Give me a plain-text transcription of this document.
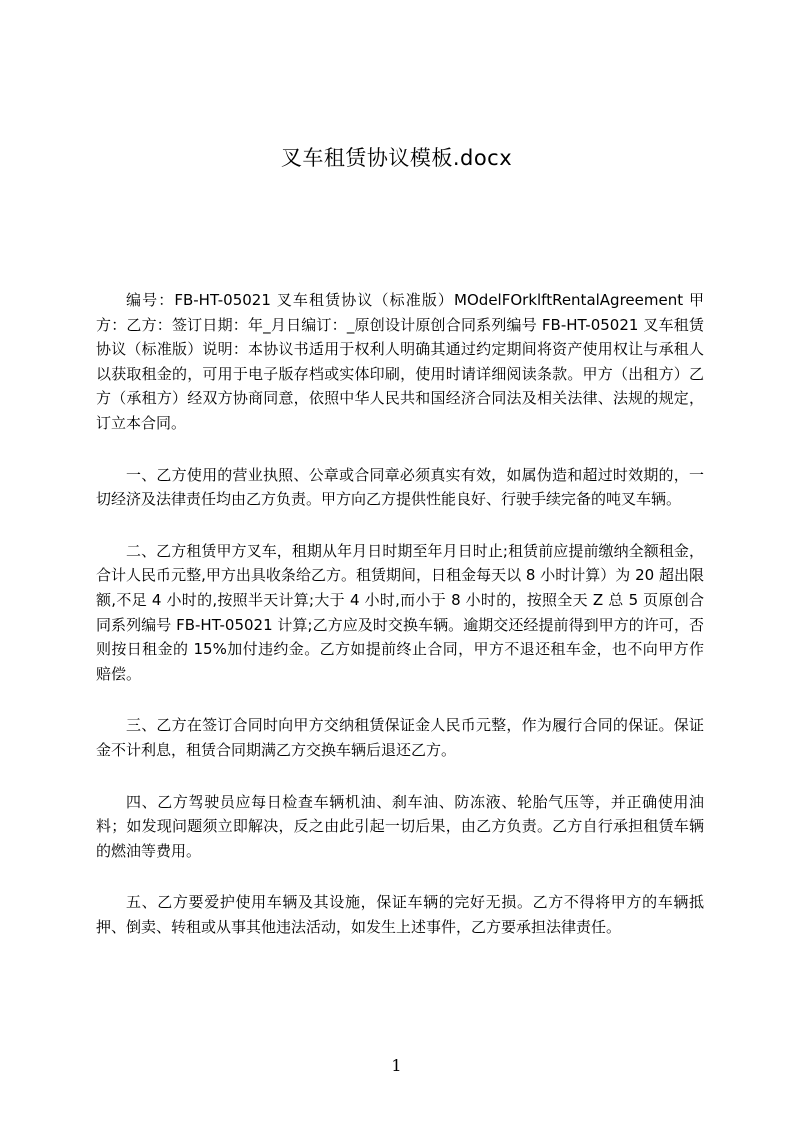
叉车租赁协议模板.docx

编号：FB-HT-05021 叉车租赁协议（标准版）MOdelFOrklftRentalAgreement 甲方：乙方：签订日期：年_月日编订：_原创设计原创合同系列编号 FB-HT-05021 叉车租赁协议（标准版）说明：本协议书适用于权利人明确其通过约定期间将资产使用权让与承租人以获取租金的，可用于电子版存档或实体印刷，使用时请详细阅读条款。甲方（出租方）乙方（承租方）经双方协商同意，依照中华人民共和国经济合同法及相关法律、法规的规定，订立本合同。

一、乙方使用的营业执照、公章或合同章必须真实有效，如属伪造和超过时效期的，一切经济及法律责任均由乙方负责。甲方向乙方提供性能良好、行驶手续完备的吨叉车辆。

二、乙方租赁甲方叉车，租期从年月日时期至年月日时止;租赁前应提前缴纳全额租金，合计人民币元整,甲方出具收条给乙方。租赁期间，日租金每天以 8 小时计算）为 20 超出限额,不足 4 小时的,按照半天计算;大于 4 小时,而小于 8 小时的，按照全天 Z 总 5 页原创合同系列编号 FB-HT-05021 计算;乙方应及时交换车辆。逾期交还经提前得到甲方的许可，否则按日租金的 15%加付违约金。乙方如提前终止合同，甲方不退还租车金，也不向甲方作赔偿。

三、乙方在签订合同时向甲方交纳租赁保证金人民币元整，作为履行合同的保证。保证金不计利息，租赁合同期满乙方交换车辆后退还乙方。

四、乙方驾驶员应每日检查车辆机油、刹车油、防冻液、轮胎气压等，并正确使用油料；如发现问题须立即解决，反之由此引起一切后果，由乙方负责。乙方自行承担租赁车辆的燃油等费用。

五、乙方要爱护使用车辆及其设施，保证车辆的完好无损。乙方不得将甲方的车辆抵押、倒卖、转租或从事其他违法活动，如发生上述事件，乙方要承担法律责任。

1
